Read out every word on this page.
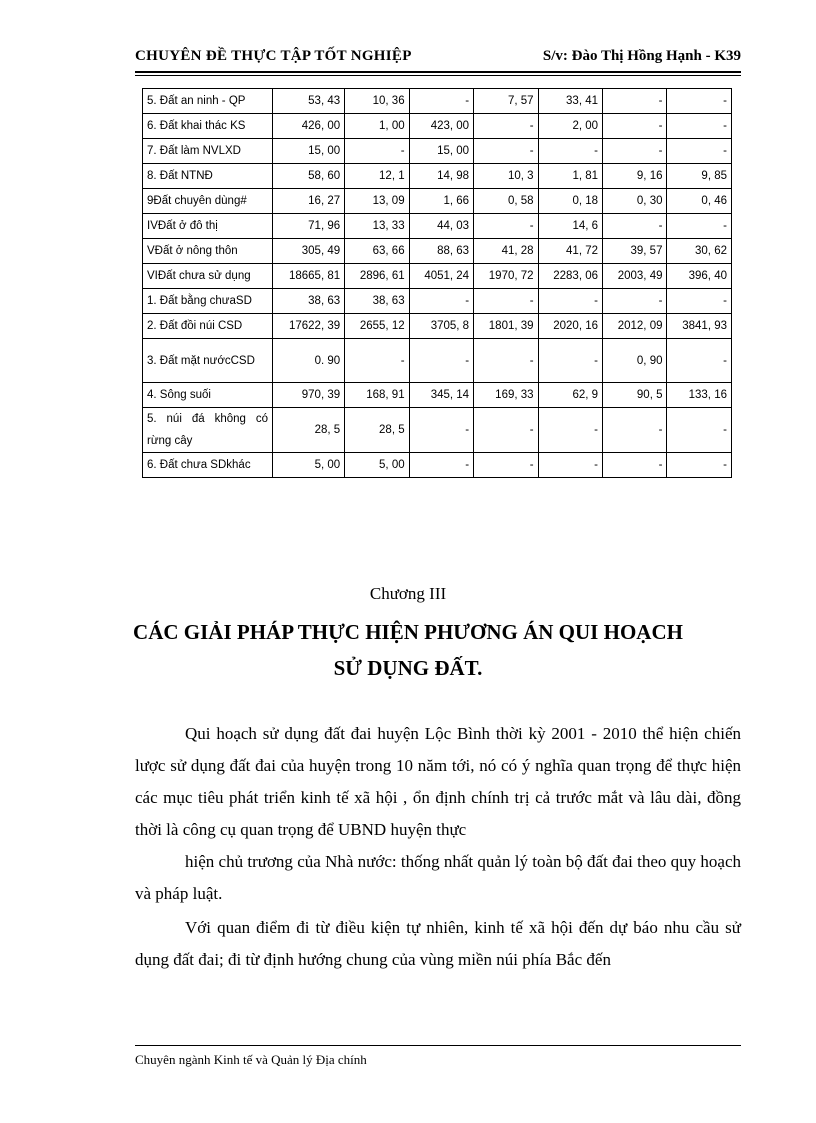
CHUYÊN ĐỀ THỰC TẬP TỐT NGHIỆP	S/v: Đào Thị Hồng Hạnh - K39
5. Đất an ninh - QP	53, 43	10, 36	-	7, 57	33, 41	-	-
6. Đất khai thác KS	426, 00	1, 00	423, 00	-	2, 00	-	-
7. Đất làm NVLXD	15, 00	-	15, 00	-	-	-	-
8. Đất NTNĐ	58, 60	12, 1	14, 98	10, 3	1, 81	9, 16	9, 85
9Đất chuyên dùng#	16, 27	13, 09	1, 66	0, 58	0, 18	0, 30	0, 46
IVĐất ở đô thị	71, 96	13, 33	44, 03	-	14, 6	-	-
VĐất ở nông thôn	305, 49	63, 66	88, 63	41, 28	41, 72	39, 57	30, 62
VIĐất chưa sử dụng	18665, 81	2896, 61	4051, 24	1970, 72	2283, 06	2003, 49	396, 40
1. Đất bằng chưaSD	38, 63	38, 63	-	-	-	-	-
2. Đất đồi núi CSD	17622, 39	2655, 12	3705, 8	1801, 39	2020, 16	2012, 09	3841, 93
3. Đất mặt nướcCSD	0. 90	-	-	-	-	0, 90	-
4. Sông suối	970, 39	168, 91	345, 14	169, 33	62, 9	90, 5	133, 16
5. núi đá không có rừng cây	28, 5	28, 5	-	-	-	-	-
6. Đất chưa SDkhác	5, 00	5, 00	-	-	-	-	-
Chương III
CÁC GIẢI PHÁP THỰC HIỆN PHƯƠNG ÁN QUI HOẠCH
SỬ DỤNG ĐẤT.

Qui hoạch sử dụng đất đai huyện Lộc Bình thời kỳ 2001 - 2010 thể hiện chiến lược sử dụng đất đai của huyện trong 10 năm tới, nó có ý nghĩa quan trọng để thực hiện các mục tiêu phát triển kinh tế xã hội , ổn định chính trị cả trước mắt và lâu dài, đồng thời là công cụ quan trọng để UBND huyện thực

hiện chủ trương của Nhà nước: thống nhất quản lý toàn bộ đất đai theo quy hoạch và pháp luật.

Với quan điểm đi từ điều kiện tự nhiên, kinh tế xã hội đến dự báo nhu cầu sử dụng đất đai; đi từ định hướng chung của vùng miền núi phía Bắc đến

Chuyên ngành Kinh tế và Quản lý Địa chính
